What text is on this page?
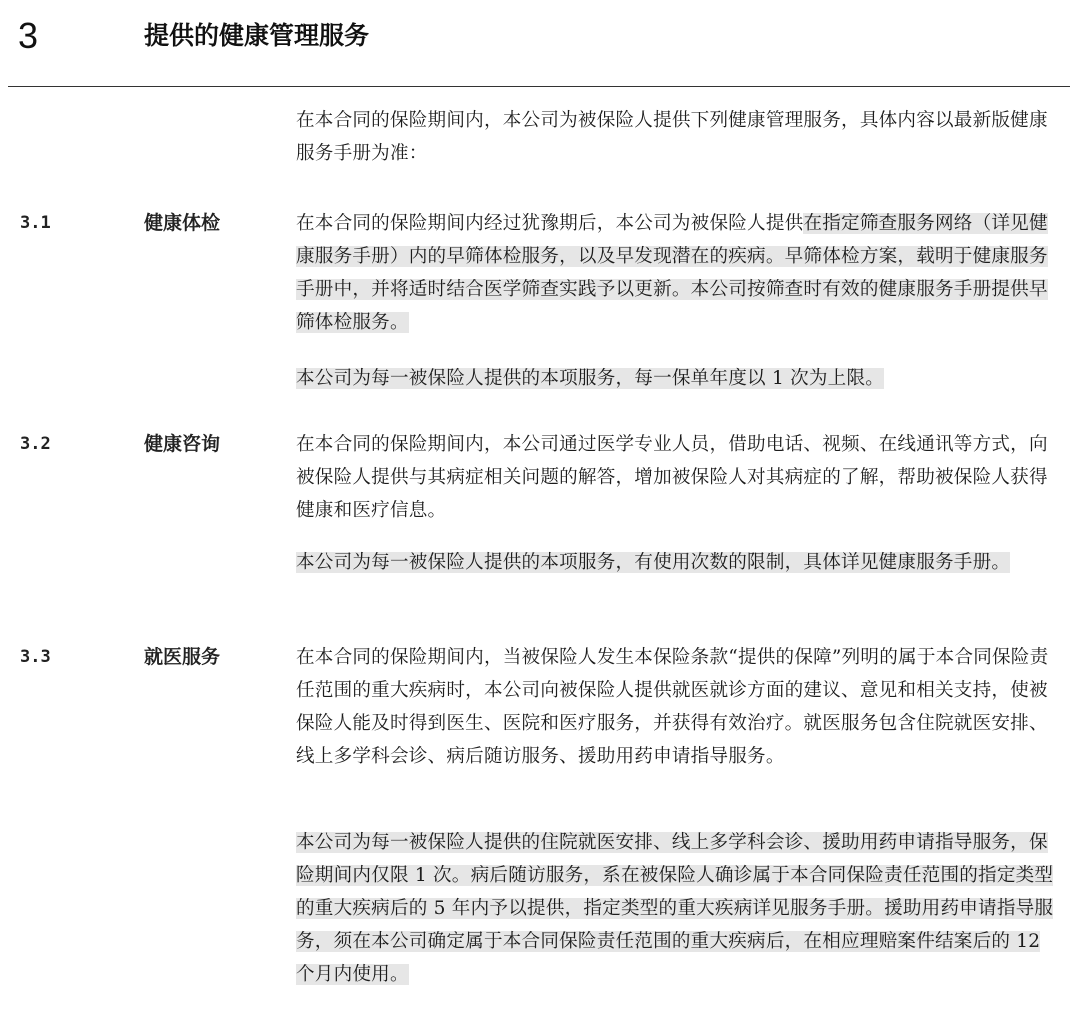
3	提供的健康管理服务

在本合同的保险期间内，本公司为被保险人提供下列健康管理服务，具体内容以最新版健康服务手册为准：

3.1	健康体检	在本合同的保险期间内经过犹豫期后，本公司为被保险人提供在指定筛查服务网络（详见健康服务手册）内的早筛体检服务，以及早发现潜在的疾病。早筛体检方案，载明于健康服务手册中，并将适时结合医学筛查实践予以更新。本公司按筛查时有效的健康服务手册提供早筛体检服务。

本公司为每一被保险人提供的本项服务，每一保单年度以 1 次为上限。

3.2	健康咨询	在本合同的保险期间内，本公司通过医学专业人员，借助电话、视频、在线通讯等方式，向被保险人提供与其病症相关问题的解答，增加被保险人对其病症的了解，帮助被保险人获得健康和医疗信息。

本公司为每一被保险人提供的本项服务，有使用次数的限制，具体详见健康服务手册。

3.3	就医服务	在本合同的保险期间内，当被保险人发生本保险条款“提供的保障”列明的属于本合同保险责任范围的重大疾病时，本公司向被保险人提供就医就诊方面的建议、意见和相关支持，使被保险人能及时得到医生、医院和医疗服务，并获得有效治疗。就医服务包含住院就医安排、线上多学科会诊、病后随访服务、援助用药申请指导服务。

本公司为每一被保险人提供的住院就医安排、线上多学科会诊、援助用药申请指导服务，保险期间内仅限 1 次。病后随访服务，系在被保险人确诊属于本合同保险责任范围的指定类型的重大疾病后的 5 年内予以提供，指定类型的重大疾病详见服务手册。援助用药申请指导服务，须在本公司确定属于本合同保险责任范围的重大疾病后，在相应理赔案件结案后的 12 个月内使用。
